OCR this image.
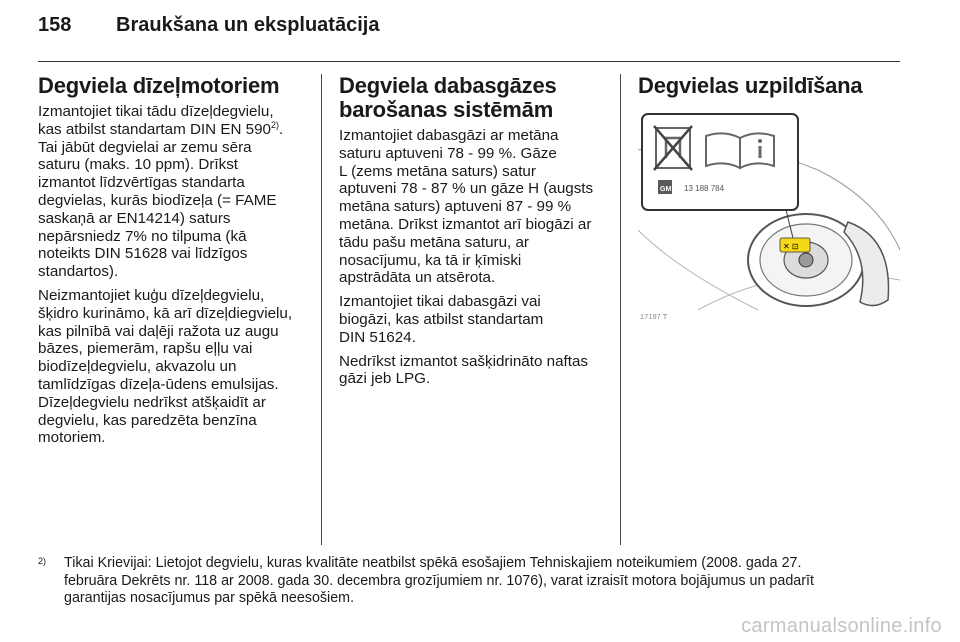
158 Braukšana un ekspluatācija
Degviela dīzeļmotoriem

Izmantojiet tikai tādu dīzeļdegvielu,
kas atbilst standartam DIN EN 590$^{2)}$.
Tai jābūt degvielai ar zemu sēra
saturu (maks. 10 ppm). Drīkst
izmantot līdzvērtīgas standarta
degvielas, kurās biodīzeļa (= FAME
saskaņā ar EN14214) saturs
nepārsniedz 7% no tilpuma (kā
noteikts DIN 51628 vai līdzīgos
standartos).

Neizmantojiet kuģu dīzeļdegvielu,
šķidro kurināmo, kā arī dīzeļdiegvielu,
kas pilnībā vai daļēji ražota uz augu
bāzes, piemerām, rapšu eļļu vai
biodīzeļdegvielu, akvazolu un
tamlīdzīgas dīzeļa-ūdens emulsijas.
Dīzeļdegvielu nedrīkst atšķaidīt ar
degvielu, kas paredzēta benzīna
motoriem.

Degviela dabasgāzes
barošanas sistēmām

Izmantojiet dabasgāzi ar metāna
saturu aptuveni 78 - 99 %. Gāze
L (zems metāna saturs) satur
aptuveni 78 - 87 % un gāze H (augsts
metāna saturs) aptuveni 87 - 99 %
metāna. Drīkst izmantot arī biogāzi ar
tādu pašu metāna saturu, ar
nosacījumu, ka tā ir ķīmiski
apstrādāta un atsērota.

Izmantojiet tikai dabasgāzi vai
biogāzi, kas atbilst standartam
DIN 51624.

Nedrīkst izmantot sašķidrināto naftas
gāzi jeb LPG.

Degvielas uzpildīšana
✕ ⊡
GM 13 188 784
17197 T
2) Tikai Krievijai: Lietojot degvielu, kuras kvalitāte neatbilst spēkā esošajiem Tehniskajiem noteikumiem (2008. gada 27.
februāra Dekrēts nr. 118 ar 2008. gada 30. decembra grozījumiem nr. 1076), varat izraisīt motora bojājumus un padarīt
garantijas nosacījumus par spēkā neesošiem.
carmanualsonline.info
